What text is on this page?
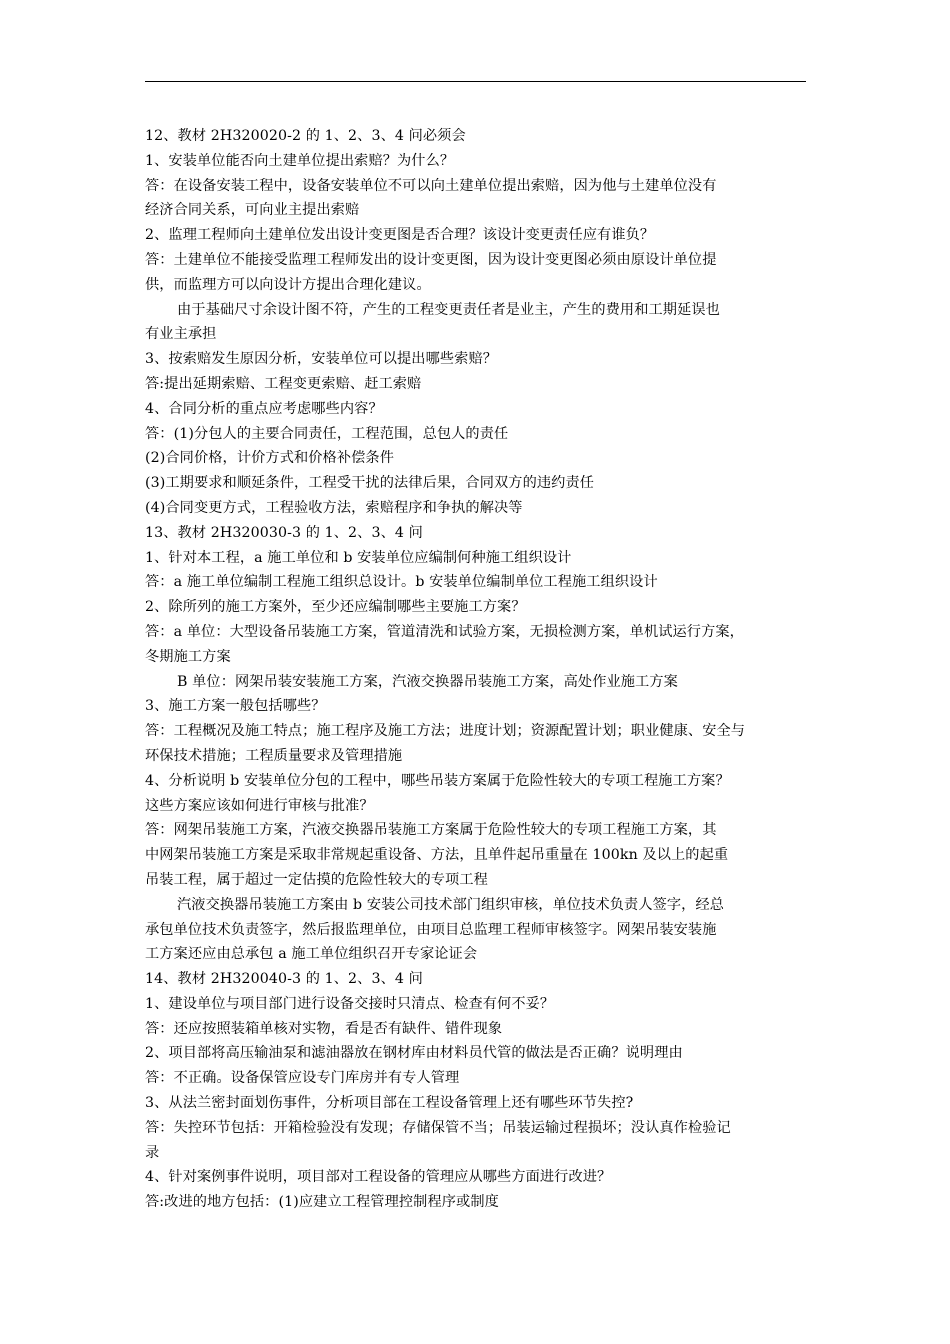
12、教材 2H320020-2 的 1、2、3、4 问必须会
1、安装单位能否向土建单位提出索赔？为什么？
答：在设备安装工程中，设备安装单位不可以向土建单位提出索赔，因为他与土建单位没有
经济合同关系，可向业主提出索赔
2、监理工程师向土建单位发出设计变更图是否合理？该设计变更责任应有谁负？
答：土建单位不能接受监理工程师发出的设计变更图，因为设计变更图必须由原设计单位提
供，而监理方可以向设计方提出合理化建议。
由于基础尺寸余设计图不符，产生的工程变更责任者是业主，产生的费用和工期延误也
有业主承担
3、按索赔发生原因分析，安装单位可以提出哪些索赔？
答:提出延期索赔、工程变更索赔、赶工索赔
4、合同分析的重点应考虑哪些内容？
答：(1)分包人的主要合同责任，工程范围，总包人的责任
(2)合同价格，计价方式和价格补偿条件
(3)工期要求和顺延条件，工程受干扰的法律后果，合同双方的违约责任
(4)合同变更方式，工程验收方法，索赔程序和争执的解决等
13、教材 2H320030-3 的 1、2、3、4 问
1、针对本工程，a 施工单位和 b 安装单位应编制何种施工组织设计
答：a 施工单位编制工程施工组织总设计。b 安装单位编制单位工程施工组织设计
2、除所列的施工方案外，至少还应编制哪些主要施工方案？
答：a 单位：大型设备吊装施工方案，管道清洗和试验方案，无损检测方案，单机试运行方案，
冬期施工方案
B 单位：网架吊装安装施工方案，汽液交换器吊装施工方案，高处作业施工方案
3、施工方案一般包括哪些？
答：工程概况及施工特点；施工程序及施工方法；进度计划；资源配置计划；职业健康、安全与
环保技术措施；工程质量要求及管理措施
4、分析说明 b 安装单位分包的工程中，哪些吊装方案属于危险性较大的专项工程施工方案？
这些方案应该如何进行审核与批准？
答：网架吊装施工方案，汽液交换器吊装施工方案属于危险性较大的专项工程施工方案，其
中网架吊装施工方案是采取非常规起重设备、方法，且单件起吊重量在 100kn 及以上的起重
吊装工程，属于超过一定估摸的危险性较大的专项工程
汽液交换器吊装施工方案由 b 安装公司技术部门组织审核，单位技术负责人签字，经总
承包单位技术负责签字，然后报监理单位，由项目总监理工程师审核签字。网架吊装安装施
工方案还应由总承包 a 施工单位组织召开专家论证会
14、教材 2H320040-3 的 1、2、3、4 问
1、建设单位与项目部门进行设备交接时只清点、检查有何不妥？
答：还应按照装箱单核对实物，看是否有缺件、错件现象
2、项目部将高压输油泵和滤油器放在钢材库由材料员代管的做法是否正确？说明理由
答：不正确。设备保管应设专门库房并有专人管理
3、从法兰密封面划伤事件，分析项目部在工程设备管理上还有哪些环节失控?
答：失控环节包括：开箱检验没有发现；存储保管不当；吊装运输过程损坏；没认真作检验记
录
4、针对案例事件说明，项目部对工程设备的管理应从哪些方面进行改进？
答:改进的地方包括：(1)应建立工程管理控制程序或制度
